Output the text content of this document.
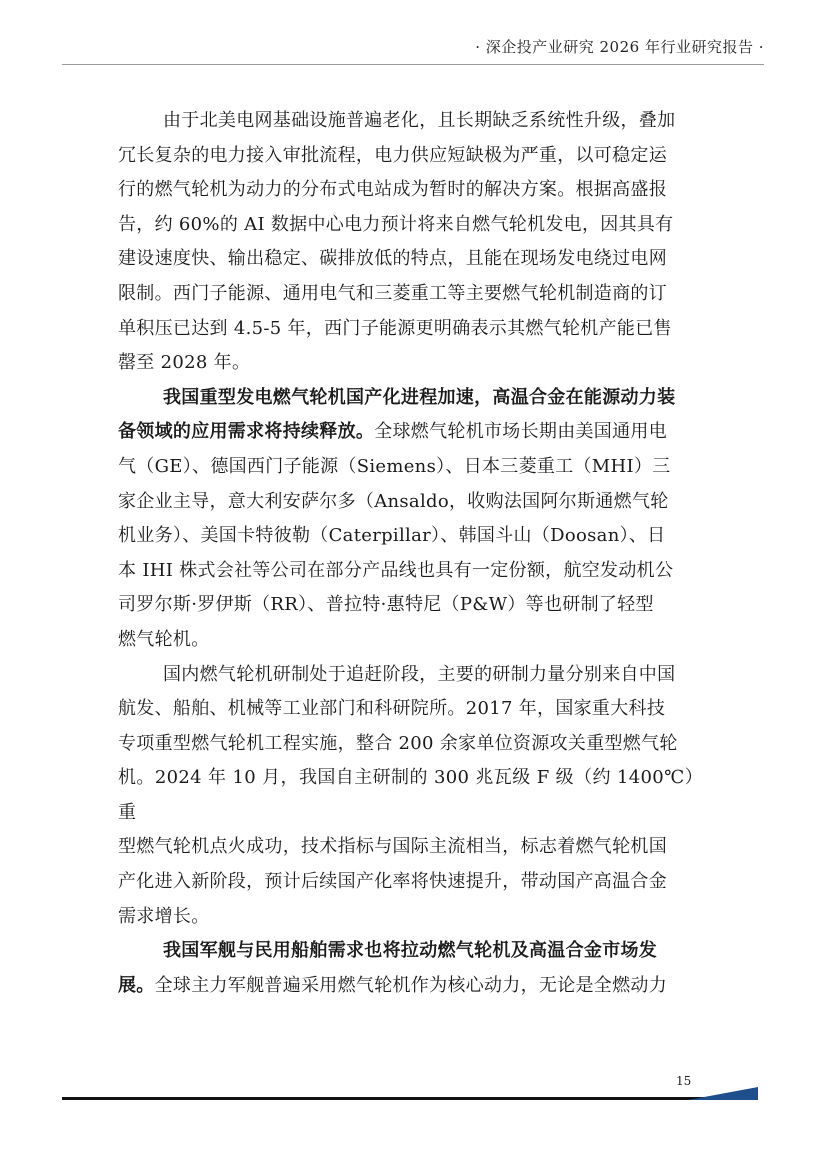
· 深企投产业研究 2026 年行业研究报告 ·
由于北美电网基础设施普遍老化，且长期缺乏系统性升级，叠加
冗长复杂的电力接入审批流程，电力供应短缺极为严重，以可稳定运
行的燃气轮机为动力的分布式电站成为暂时的解决方案。根据高盛报
告，约 60%的 AI 数据中心电力预计将来自燃气轮机发电，因其具有
建设速度快、输出稳定、碳排放低的特点，且能在现场发电绕过电网
限制。西门子能源、通用电气和三菱重工等主要燃气轮机制造商的订
单积压已达到 4.5-5 年，西门子能源更明确表示其燃气轮机产能已售
罄至 2028 年。
我国重型发电燃气轮机国产化进程加速，高温合金在能源动力装
备领域的应用需求将持续释放。全球燃气轮机市场长期由美国通用电
气（GE）、德国西门子能源（Siemens）、日本三菱重工（MHI）三
家企业主导，意大利安萨尔多（Ansaldo，收购法国阿尔斯通燃气轮
机业务）、美国卡特彼勒（Caterpillar）、韩国斗山（Doosan）、日
本 IHI 株式会社等公司在部分产品线也具有一定份额，航空发动机公
司罗尔斯·罗伊斯（RR）、普拉特·惠特尼（P&W）等也研制了轻型
燃气轮机。
国内燃气轮机研制处于追赶阶段，主要的研制力量分别来自中国
航发、船舶、机械等工业部门和科研院所。2017 年，国家重大科技
专项重型燃气轮机工程实施，整合 200 余家单位资源攻关重型燃气轮
机。2024 年 10 月，我国自主研制的 300 兆瓦级 F 级（约 1400℃）重
型燃气轮机点火成功，技术指标与国际主流相当，标志着燃气轮机国
产化进入新阶段，预计后续国产化率将快速提升，带动国产高温合金
需求增长。
我国军舰与民用船舶需求也将拉动燃气轮机及高温合金市场发
展。全球主力军舰普遍采用燃气轮机作为核心动力，无论是全燃动力
15
